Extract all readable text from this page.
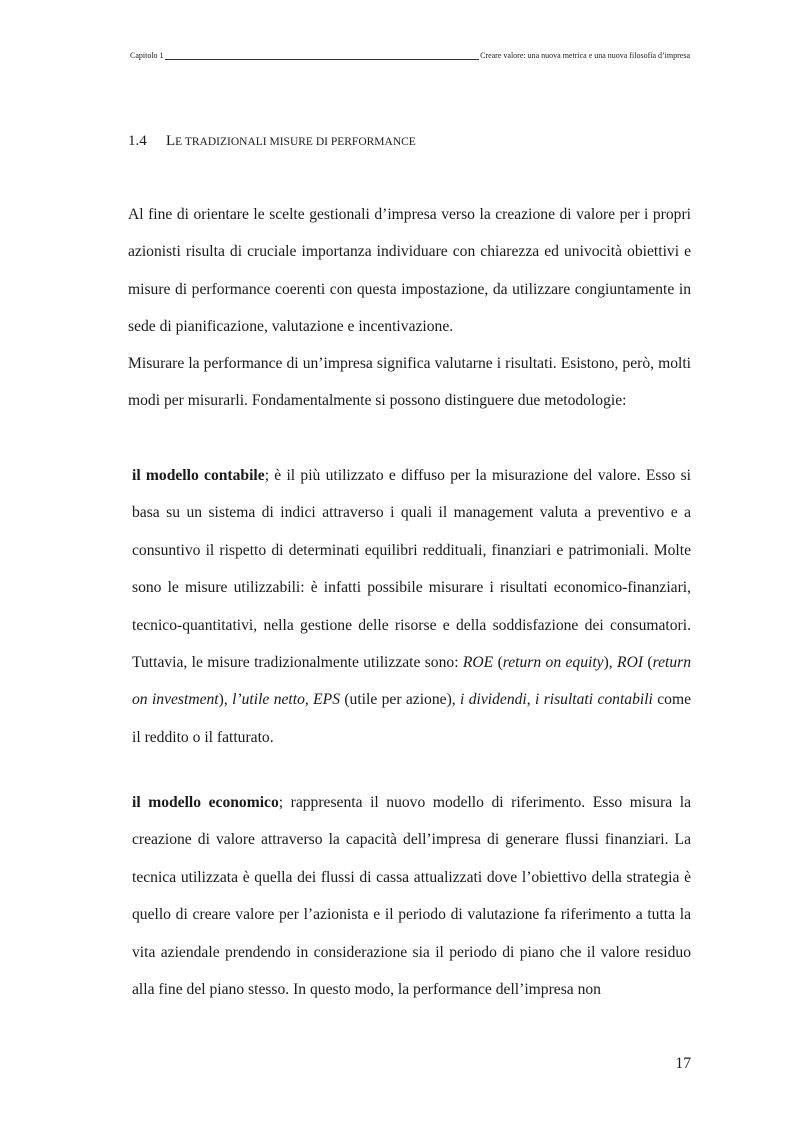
Capitolo 1	Creare valore: una nuova metrica e una nuova filosofia d’impresa
1.4 LE TRADIZIONALI MISURE DI PERFORMANCE
Al fine di orientare le scelte gestionali d’impresa verso la creazione di valore per i propri azionisti risulta di cruciale importanza individuare con chiarezza ed univocità obiettivi e misure di performance coerenti con questa impostazione, da utilizzare congiuntamente in sede di pianificazione, valutazione e incentivazione.
Misurare la performance di un’impresa significa valutarne i risultati. Esistono, però, molti modi per misurarli. Fondamentalmente si possono distinguere due metodologie:
il modello contabile; è il più utilizzato e diffuso per la misurazione del valore. Esso si basa su un sistema di indici attraverso i quali il management valuta a preventivo e a consuntivo il rispetto di determinati equilibri reddituali, finanziari e patrimoniali. Molte sono le misure utilizzabili: è infatti possibile misurare i risultati economico-finanziari, tecnico-quantitativi, nella gestione delle risorse e della soddisfazione dei consumatori. Tuttavia, le misure tradizionalmente utilizzate sono: ROE (return on equity), ROI (return on investment), l’utile netto, EPS (utile per azione), i dividendi, i risultati contabili come il reddito o il fatturato.
il modello economico; rappresenta il nuovo modello di riferimento. Esso misura la creazione di valore attraverso la capacità dell’impresa di generare flussi finanziari. La tecnica utilizzata è quella dei flussi di cassa attualizzati dove l’obiettivo della strategia è quello di creare valore per l’azionista e il periodo di valutazione fa riferimento a tutta la vita aziendale prendendo in considerazione sia il periodo di piano che il valore residuo alla fine del piano stesso. In questo modo, la performance dell’impresa non
17
